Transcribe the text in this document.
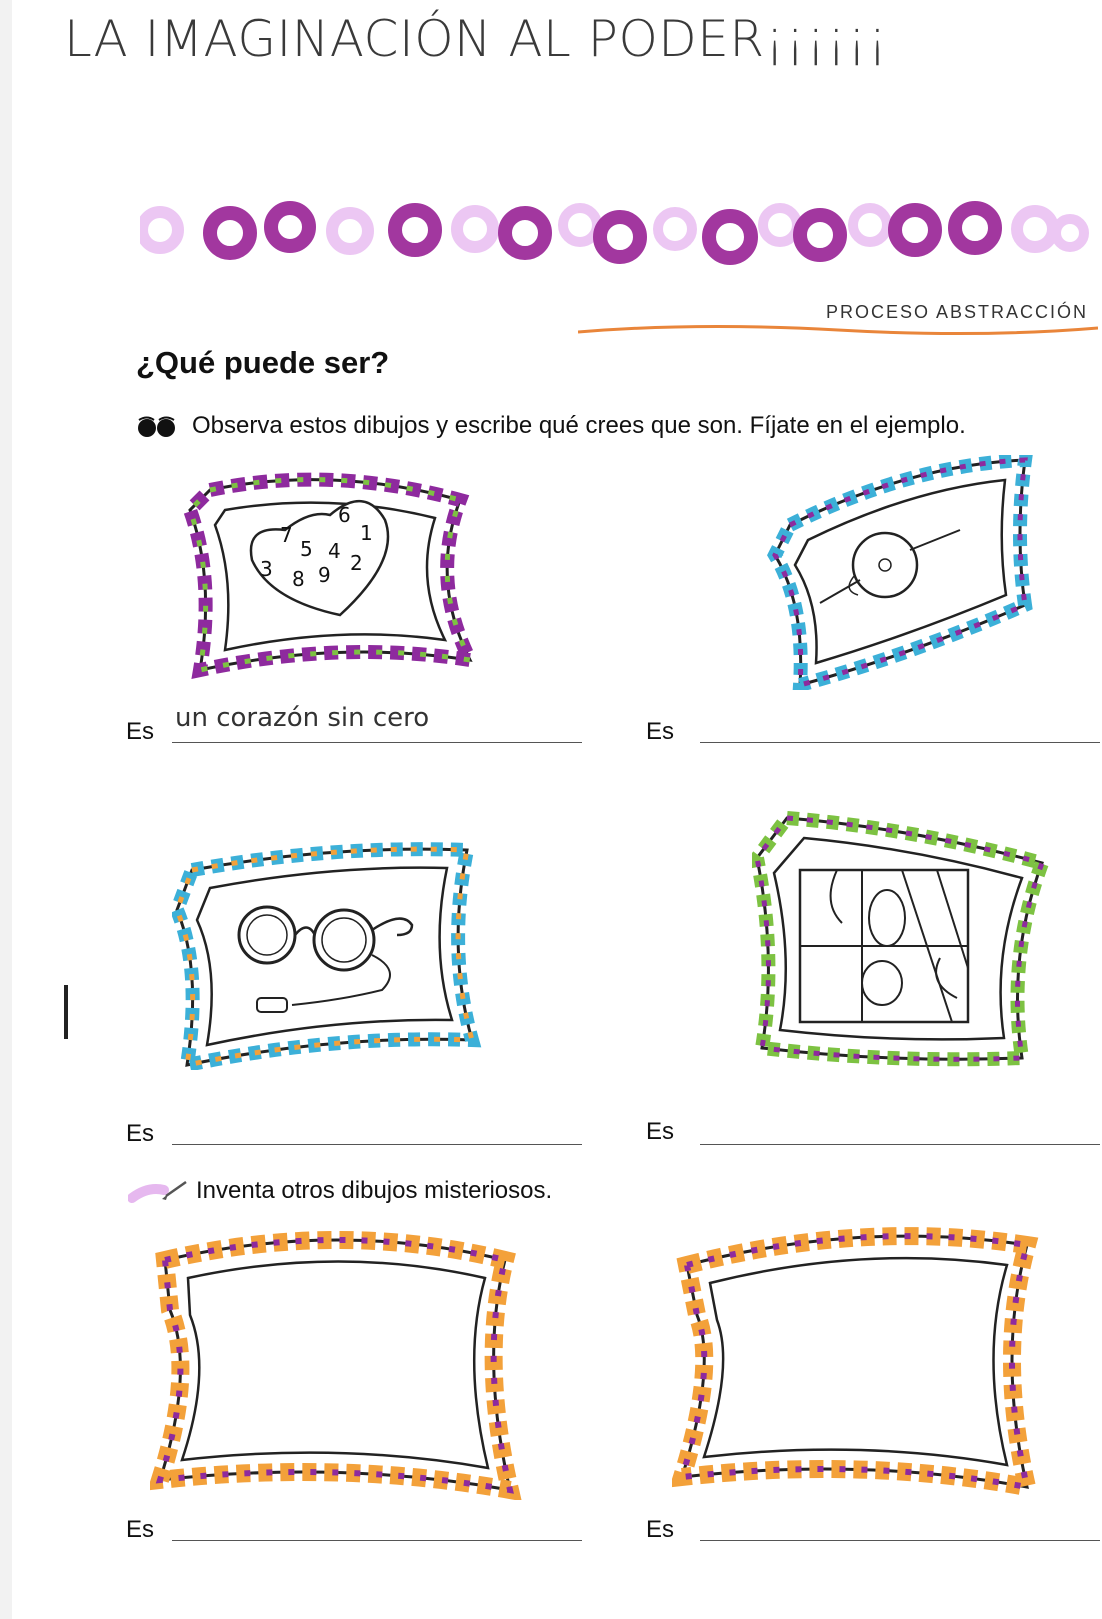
LA IMAGINACIÓN AL PODER¡¡¡¡¡¡
PROCESO ABSTRACCIÓN
¿Qué puede ser?
Observa estos dibujos y escribe qué crees que son. Fíjate en el ejemplo.
6
7
5 4
1
3 8 9 2
Es un corazón sin cero	Es
Es	Es
Inventa otros dibujos misteriosos.
Es	Es
